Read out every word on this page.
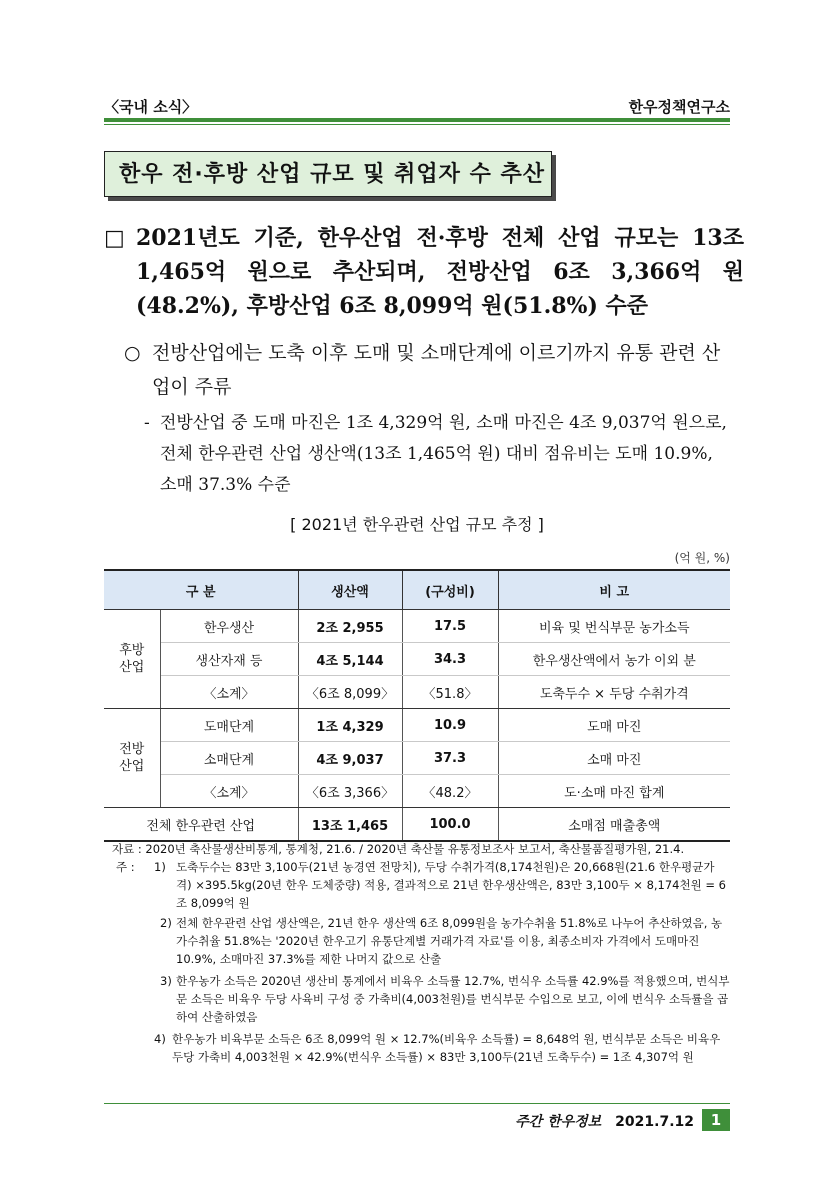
〈국내 소식〉	한우정책연구소
한우 전·후방 산업 규모 및 취업자 수 추산
□ 2021년도 기준, 한우산업 전·후방 전체 산업 규모는 13조 1,465억 원으로 추산되며, 전방산업 6조 3,366억 원(48.2%), 후방산업 6조 8,099억 원(51.8%) 수준
○ 전방산업에는 도축 이후 도매 및 소매단계에 이르기까지 유통 관련 산업이 주류
- 전방산업 중 도매 마진은 1조 4,329억 원, 소매 마진은 4조 9,037억 원으로, 전체 한우관련 산업 생산액(13조 1,465억 원) 대비 점유비는 도매 10.9%, 소매 37.3% 수준
[ 2021년 한우관련 산업 규모 추정 ]
(억 원, %)
구 분		생산액	(구성비)	비 고
후방
산업	한우생산	2조 2,955	17.5	비육 및 번식부문 농가소득
	생산자재 등	4조 5,144	34.3	한우생산액에서 농가 이외 분
	〈소계〉	〈6조 8,099〉	〈51.8〉	도축두수 × 두당 수취가격
전방
산업	도매단계	1조 4,329	10.9	도매 마진
	소매단계	4조 9,037	37.3	소매 마진
	〈소계〉	〈6조 3,366〉	〈48.2〉	도·소매 마진 합계
전체 한우관련 산업		13조 1,465	100.0	소매점 매출총액
자료 : 2020년 축산물생산비통계, 통계청, 21.6. / 2020년 축산물 유통정보조사 보고서, 축산물품질평가원, 21.4.
주 :	1) 도축두수는 83만 3,100두(21년 농경연 전망치), 두당 수취가격(8,174천원)은 20,668원(21.6 한우평균가격) ×395.5kg(20년 한우 도체중량) 적용, 결과적으로 21년 한우생산액은, 83만 3,100두 × 8,174천원 = 6조 8,099억 원
2) 전체 한우관련 산업 생산액은, 21년 한우 생산액 6조 8,099원을 농가수취율 51.8%로 나누어 추산하였음, 농가수취율 51.8%는 '2020년 한우고기 유통단계별 거래가격 자료'를 이용, 최종소비자 가격에서 도매마진 10.9%, 소매마진 37.3%를 제한 나머지 값으로 산출
3) 한우농가 소득은 2020년 생산비 통계에서 비육우 소득률 12.7%, 번식우 소득률 42.9%를 적용했으며, 번식부문 소득은 비육우 두당 사육비 구성 중 가축비(4,003천원)를 번식부문 수입으로 보고, 이에 번식우 소득률을 곱하여 산출하였음
4) 한우농가 비육부문 소득은 6조 8,099억 원 × 12.7%(비육우 소득률) = 8,648억 원, 번식부문 소득은 비육우 두당 가축비 4,003천원 × 42.9%(번식우 소득률) × 83만 3,100두(21년 도축두수) = 1조 4,307억 원
주간 한우정보 2021.7.12	1
